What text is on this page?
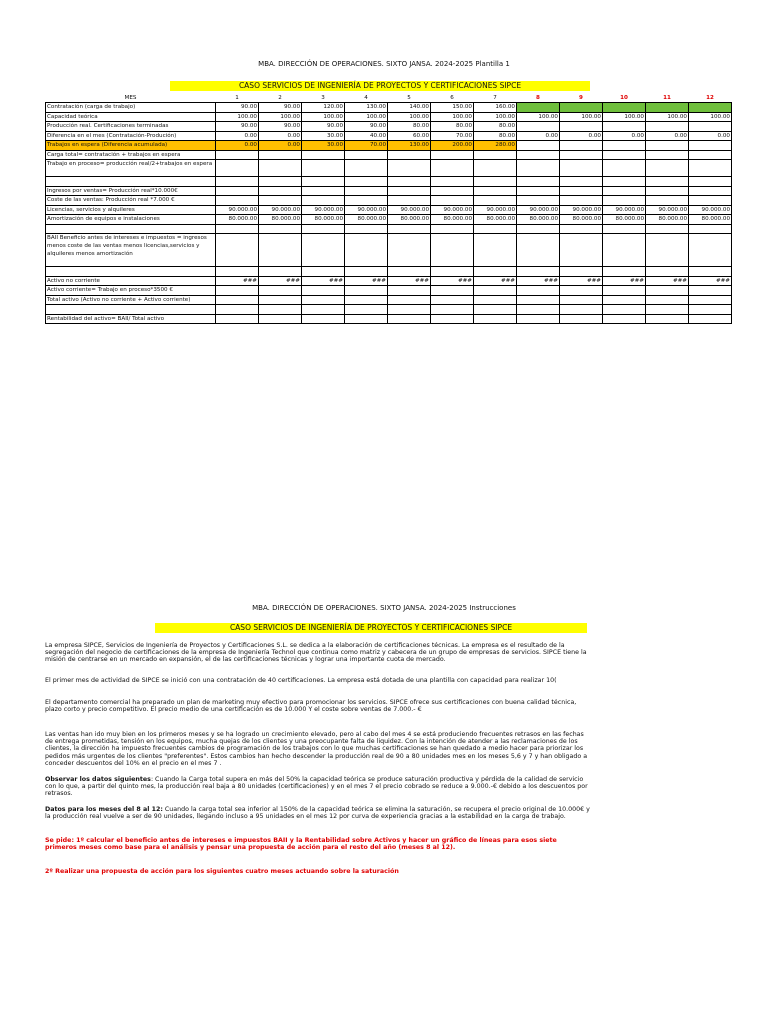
MBA. DIRECCIÓN DE OPERACIONES. SIXTO JANSA. 2024-2025 Plantilla 1
CASO SERVICIOS DE INGENIERÍA DE PROYECTOS Y CERTIFICACIONES SIPCE
MES	1	2	3	4	5	6	7	8	9	10	11	12
Contratación (carga de trabajo)	90.00	90.00	120.00	130.00	140.00	150.00	160.00					
Capacidad teórica	100.00	100.00	100.00	100.00	100.00	100.00	100.00	100.00	100.00	100.00	100.00	100.00
Producción real. Certificaciones terminadas	90.00	90.00	90.00	90.00	80.00	80.00	80.00					
Diferencia en el mes (Contratación-Produción)	0.00	0.00	30.00	40.00	60.00	70.00	80.00	0.00	0.00	0.00	0.00	0.00
Trabajos en espera (Diferencia acumulada)	0.00	0.00	30.00	70.00	130.00	200.00	280.00					
Carga total= contratación + trabajos en espera												
Trabajo en proceso= producción real/2+trabajos en espera												

Ingresos por ventas= Producción real*10.000€												
Coste de las ventas: Producción real *7.000 €												
Licencias, servicios y alquileres	90.000.00	90.000.00	90.000.00	90.000.00	90.000.00	90.000.00	90.000.00	90.000.00	90.000.00	90.000.00	90.000.00	90.000.00
Amortización de equipos e instalaciones	80.000.00	80.000.00	80.000.00	80.000.00	80.000.00	80.000.00	80.000.00	80.000.00	80.000.00	80.000.00	80.000.00	80.000.00

BAII Beneficio antes de intereses e impuestos = ingresos menos coste de las ventas menos licencias,servicios y alquileres menos amortización												

Activo no corriente	###	###	###	###	###	###	###	###	###	###	###	###
Activo corriente= Trabajo en proceso*3500 €												
Total activo (Activo no corriente + Activo corriente)												

Rentabilidad del activo= BAII/ Total activo												
MBA. DIRECCIÓN DE OPERACIONES. SIXTO JANSA. 2024-2025 Instrucciones
CASO SERVICIOS DE INGENIERÍA DE PROYECTOS Y CERTIFICACIONES SIPCE
La empresa SIPCE, Servicios de Ingeniería de Proyectos y Certificaciones S.L. se dedica a la elaboración de certificaciones técnicas. La empresa es el resultado de la segregación del negocio de certificaciones de la empresa de Ingeniería Technol que continua como matriz y cabecera de un grupo de empresas de servicios. SIPCE tiene la misión de centrarse en un mercado en expansión, el de las certificaciones técnicas y lograr una importante cuota de mercado.
El primer mes de actividad de SIPCE se inició con una contratación de 40 certificaciones. La empresa está dotada de una plantilla con capacidad para realizar 10(
El departamento comercial ha preparado un plan de marketing muy efectivo para promocionar los servicios. SIPCE ofrece sus certificaciones con buena calidad técnica, plazo corto y precio competitivo. El precio medio de una certificación es de 10.000 Y el coste sobre ventas de 7.000.- €
Las ventas han ido muy bien en los primeros meses y se ha logrado un crecimiento elevado, pero al cabo del mes 4 se está produciendo frecuentes retrasos en las fechas de entrega prometidas, tensión en los equipos, mucha quejas de los clientes y una preocupante falta de liquidez. Con la intención de atender a las reclamaciones de los clientes, la dirección ha impuesto frecuentes cambios de programación de los trabajos con lo que muchas certificaciones se han quedado a medio hacer para priorizar los pedidos más urgentes de los clientes "preferentes". Estos cambios han hecho descender la producción real de 90 a 80 unidades mes en los meses 5,6 y 7 y han obligado a conceder descuentos del 10% en el precio en el mes 7 .
Observar los datos siguientes: Cuando la Carga total supera en más del 50% la capacidad teórica se produce saturación productiva y pérdida de la calidad de servicio con lo que, a partir del quinto mes, la producción real baja a 80 unidades (certificaciones) y en el mes 7 el precio cobrado se reduce a 9.000.-€ debido a los descuentos por retrasos.
Datos para los meses del 8 al 12: Cuando la carga total sea inferior al 150% de la capacidad teórica se elimina la saturación, se recupera el precio original de 10.000€ y la producción real vuelve a ser de 90 unidades, llegando incluso a 95 unidades en el mes 12 por curva de experiencia gracias a la estabilidad en la carga de trabajo.
Se pide: 1º calcular el beneficio antes de intereses e impuestos BAII y la Rentabilidad sobre Activos y hacer un gráfico de líneas para esos siete primeros meses como base para el análisis y pensar una propuesta de acción para el resto del año (meses 8 al 12).
2º Realizar una propuesta de acción para los siguientes cuatro meses actuando sobre la saturación
